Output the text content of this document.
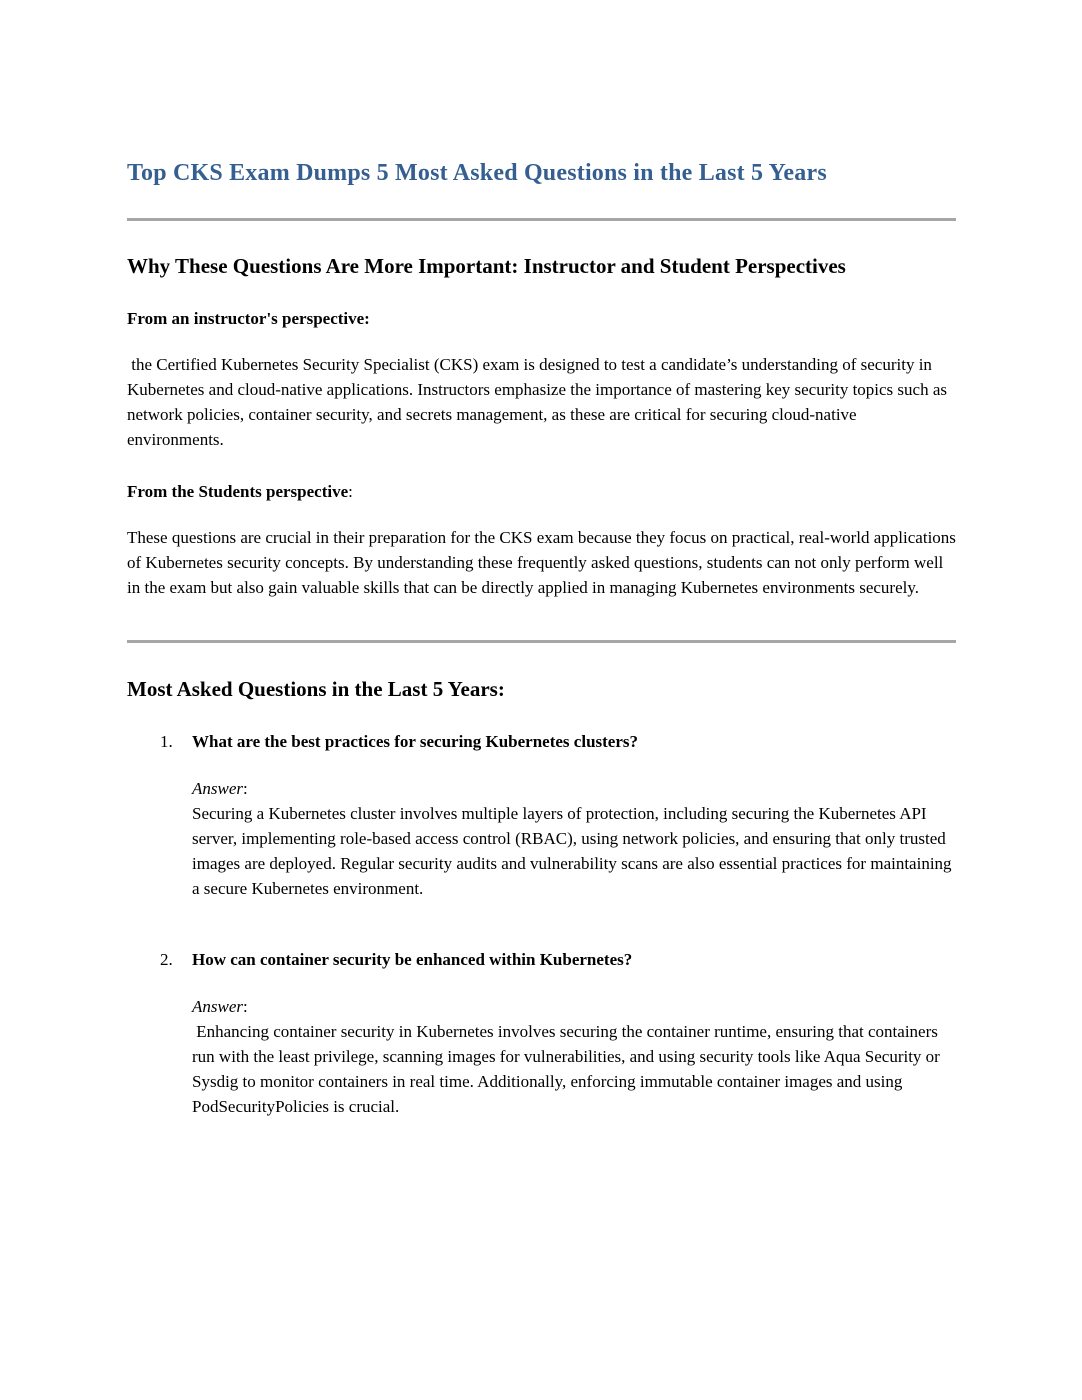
Top CKS Exam Dumps 5 Most Asked Questions in the Last 5 Years
Why These Questions Are More Important: Instructor and Student Perspectives
From an instructor's perspective:

the Certified Kubernetes Security Specialist (CKS) exam is designed to test a candidate’s understanding of security in Kubernetes and cloud-native applications. Instructors emphasize the importance of mastering key security topics such as network policies, container security, and secrets management, as these are critical for securing cloud-native environments.

From the Students perspective:

These questions are crucial in their preparation for the CKS exam because they focus on practical, real-world applications of Kubernetes security concepts. By understanding these frequently asked questions, students can not only perform well in the exam but also gain valuable skills that can be directly applied in managing Kubernetes environments securely.

Most Asked Questions in the Last 5 Years:
1.	What are the best practices for securing Kubernetes clusters?
Answer:
Securing a Kubernetes cluster involves multiple layers of protection, including securing the Kubernetes API server, implementing role-based access control (RBAC), using network policies, and ensuring that only trusted images are deployed. Regular security audits and vulnerability scans are also essential practices for maintaining a secure Kubernetes environment.
2.	How can container security be enhanced within Kubernetes?
Answer:
Enhancing container security in Kubernetes involves securing the container runtime, ensuring that containers run with the least privilege, scanning images for vulnerabilities, and using security tools like Aqua Security or Sysdig to monitor containers in real time. Additionally, enforcing immutable container images and using PodSecurityPolicies is crucial.
